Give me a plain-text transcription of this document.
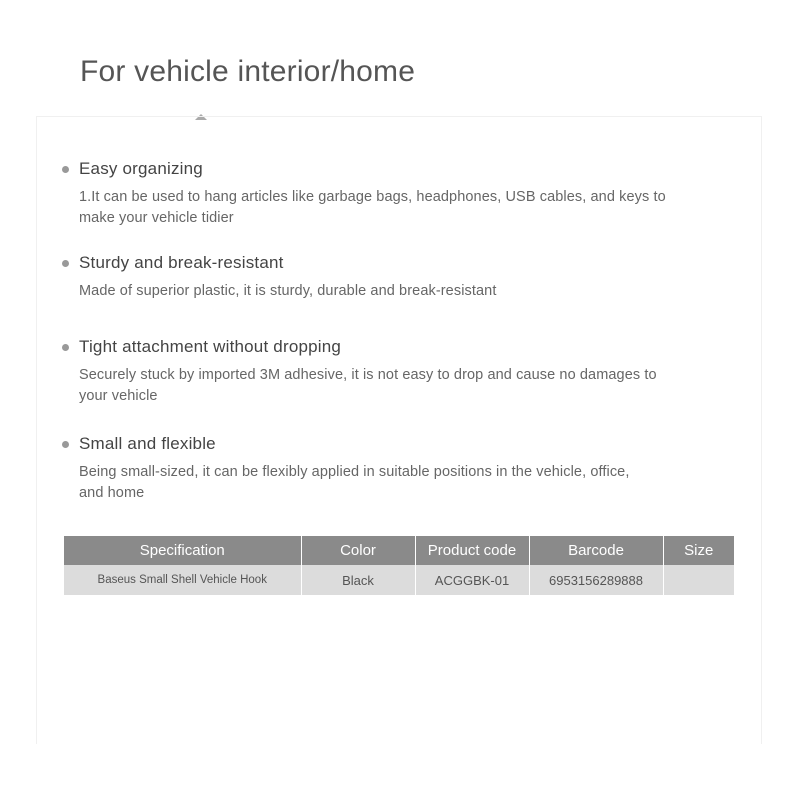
For vehicle interior/home
Easy organizing
1.It can be used to hang articles like garbage bags, headphones, USB cables, and keys to
make your vehicle tidier
Sturdy and break-resistant
Made of superior plastic, it is sturdy, durable and break-resistant
Tight attachment without dropping
Securely stuck by imported 3M adhesive, it is not easy to drop and cause no damages to
your vehicle
Small and flexible
Being small-sized, it can be flexibly applied in suitable positions in the vehicle, office,
and home
Specification	Color	Product code	Barcode	Size
Baseus Small Shell Vehicle Hook	Black	ACGGBK-01	6953156289888	
